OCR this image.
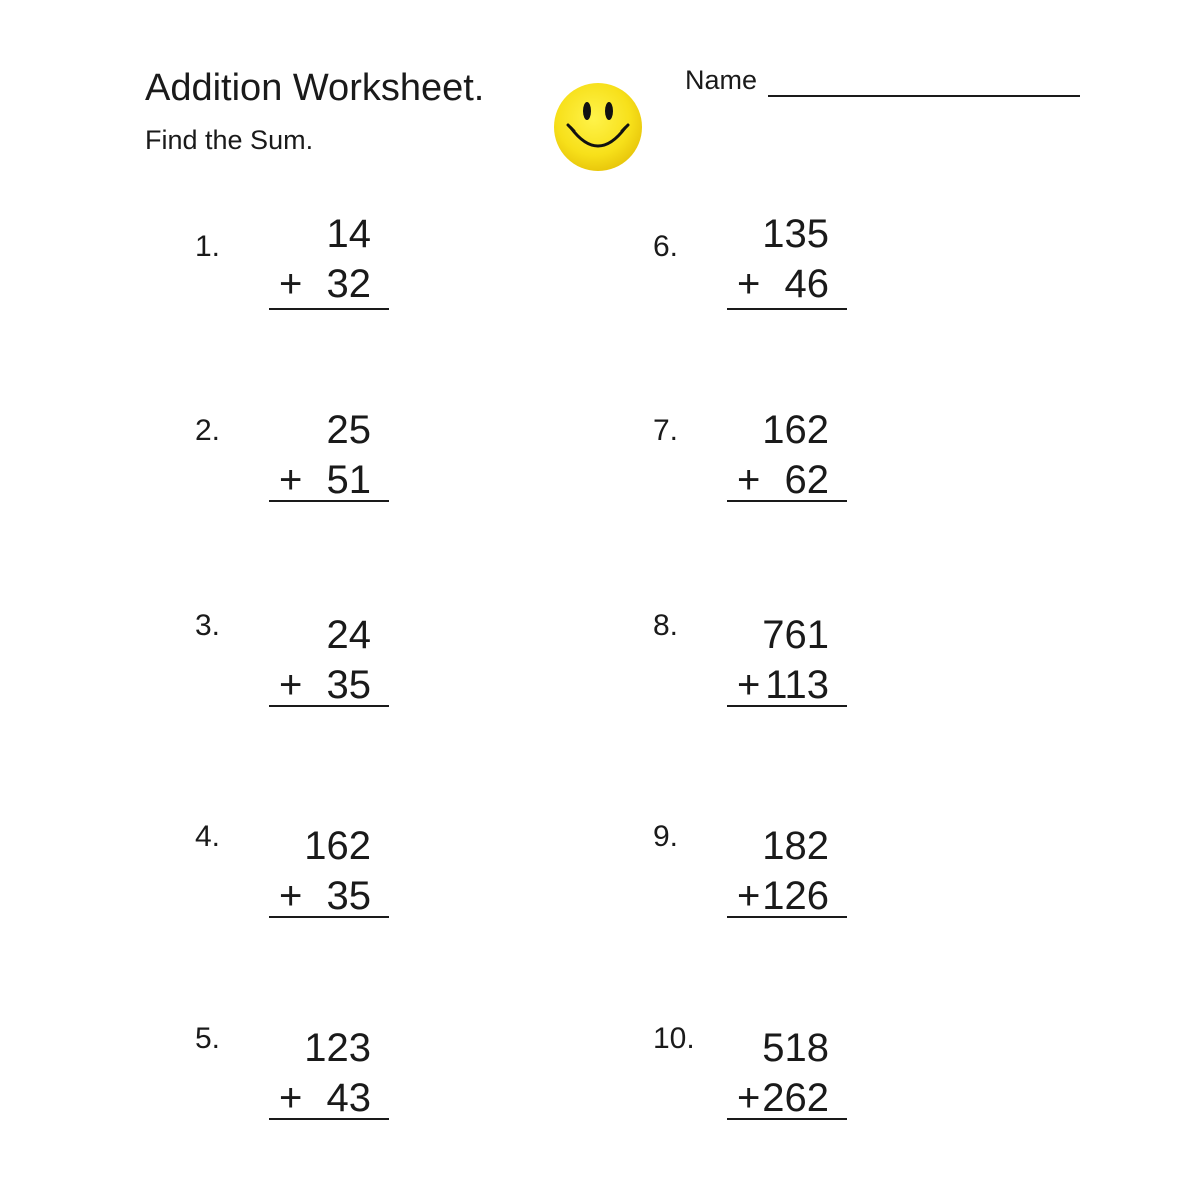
Addition Worksheet.
Find the Sum.
Name
1.	14
+ 32
2.	25
+ 51
3.	24
+ 35
4.	162
+ 35
5.	123
+ 43
6.	135
+ 46
7.	162
+ 62
8.	761
+ 113
9.	182
+ 126
10.	518
+ 262
